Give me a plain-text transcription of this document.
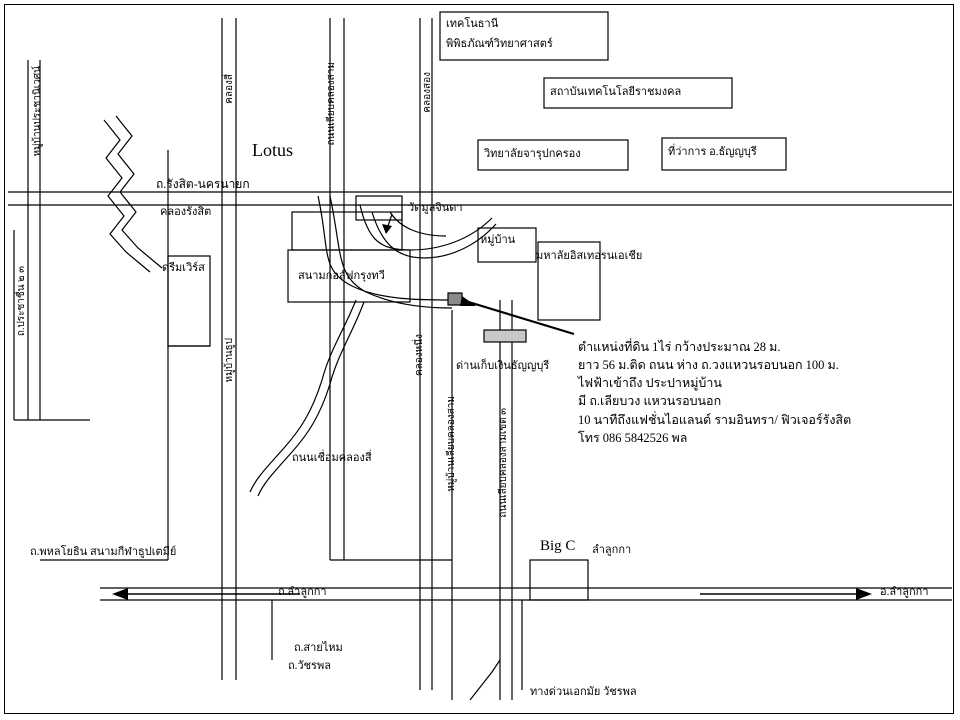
เทคโนธานี
พิพิธภัณฑ์วิทยาศาสตร์
สถาบันเทคโนโลยีราชมงคล
วิทยาลัยจารุปกครอง	ที่ว่าการ อ.ธัญญบุรี
Lotus
ถ.รังสิต-นครนายก
คลองรังสิต	วัดมูลจินดา
หมู่บ้าน
มหาลัยอิสเทอรนเอเชีย
ดรีมเวิร์ส
สนามกอล์ฟกรุงทวี
ด่านเก็บเงินธัญญบุรี
ถนนเชื่อมคลองสี่
ถ.พหลโยธิน สนามกีฬาธูปเตมีย์
ถ.ลำลูกกา	อ.ลำลูกกา
Big C ลำลูกกา
ถ.สายไหม
ถ.วัชรพล
ทางด่วนเอกมัย วัชรพล
หมู่บ้านประชานิเวศน์
ถ.ประชาชื่น ๒ ๓
คลองสี่
หมู่บ้านธูป
ถนนเลียบคลองสาม	คลองสอง
คลองหนึ่ง
หมู่บ้านเลียบคลองสาม	ถนนเลียบคลองสามเขต ๓
ตำแหน่งที่ดิน 1ไร่ กว้างประมาณ 28 ม.
ยาว 56 ม.ติด ถนน ห่าง ถ.วงแหวนรอบนอก 100 ม.
ไฟฟ้าเข้าถึง ประปาหมู่บ้าน
มี ถ.เลียบวง แหวนรอบนอก
10 นาทีถึงแฟชั่นไอแลนด์ รามอินทรา/ ฟิวเจอร์รังสิต
โทร 086 5842526 พล
